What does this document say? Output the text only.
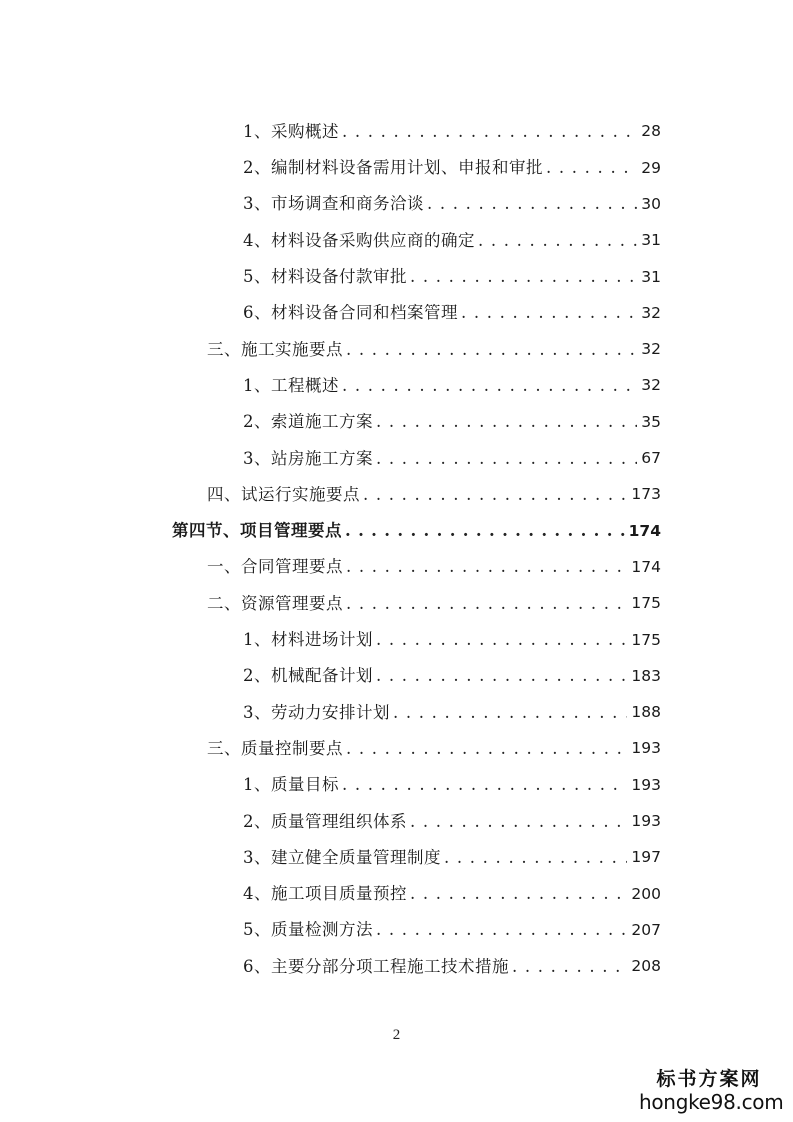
1、采购概述 . . .	28
2、编制材料设备需用计划、申报和审批 . . .	29
3、市场调查和商务洽谈 . . .	30
4、材料设备采购供应商的确定 . . .	31
5、材料设备付款审批 . . .	31
6、材料设备合同和档案管理 . . .	32
三、施工实施要点 . . .	32
1、工程概述 . . .	32
2、索道施工方案 . . .	35
3、站房施工方案 . . .	67
四、试运行实施要点 . . .	173
第四节、项目管理要点 . . .	174
一、合同管理要点 . . .	174
二、资源管理要点 . . .	175
1、材料进场计划 . . .	175
2、机械配备计划 . . .	183
3、劳动力安排计划 . . .	188
三、质量控制要点 . . .	193
1、质量目标 . . .	193
2、质量管理组织体系 . . .	193
3、建立健全质量管理制度 . . .	197
4、施工项目质量预控 . . .	200
5、质量检测方法 . . .	207
6、主要分部分项工程施工技术措施 . . .	208
2
标书方案网
hongke98.com
